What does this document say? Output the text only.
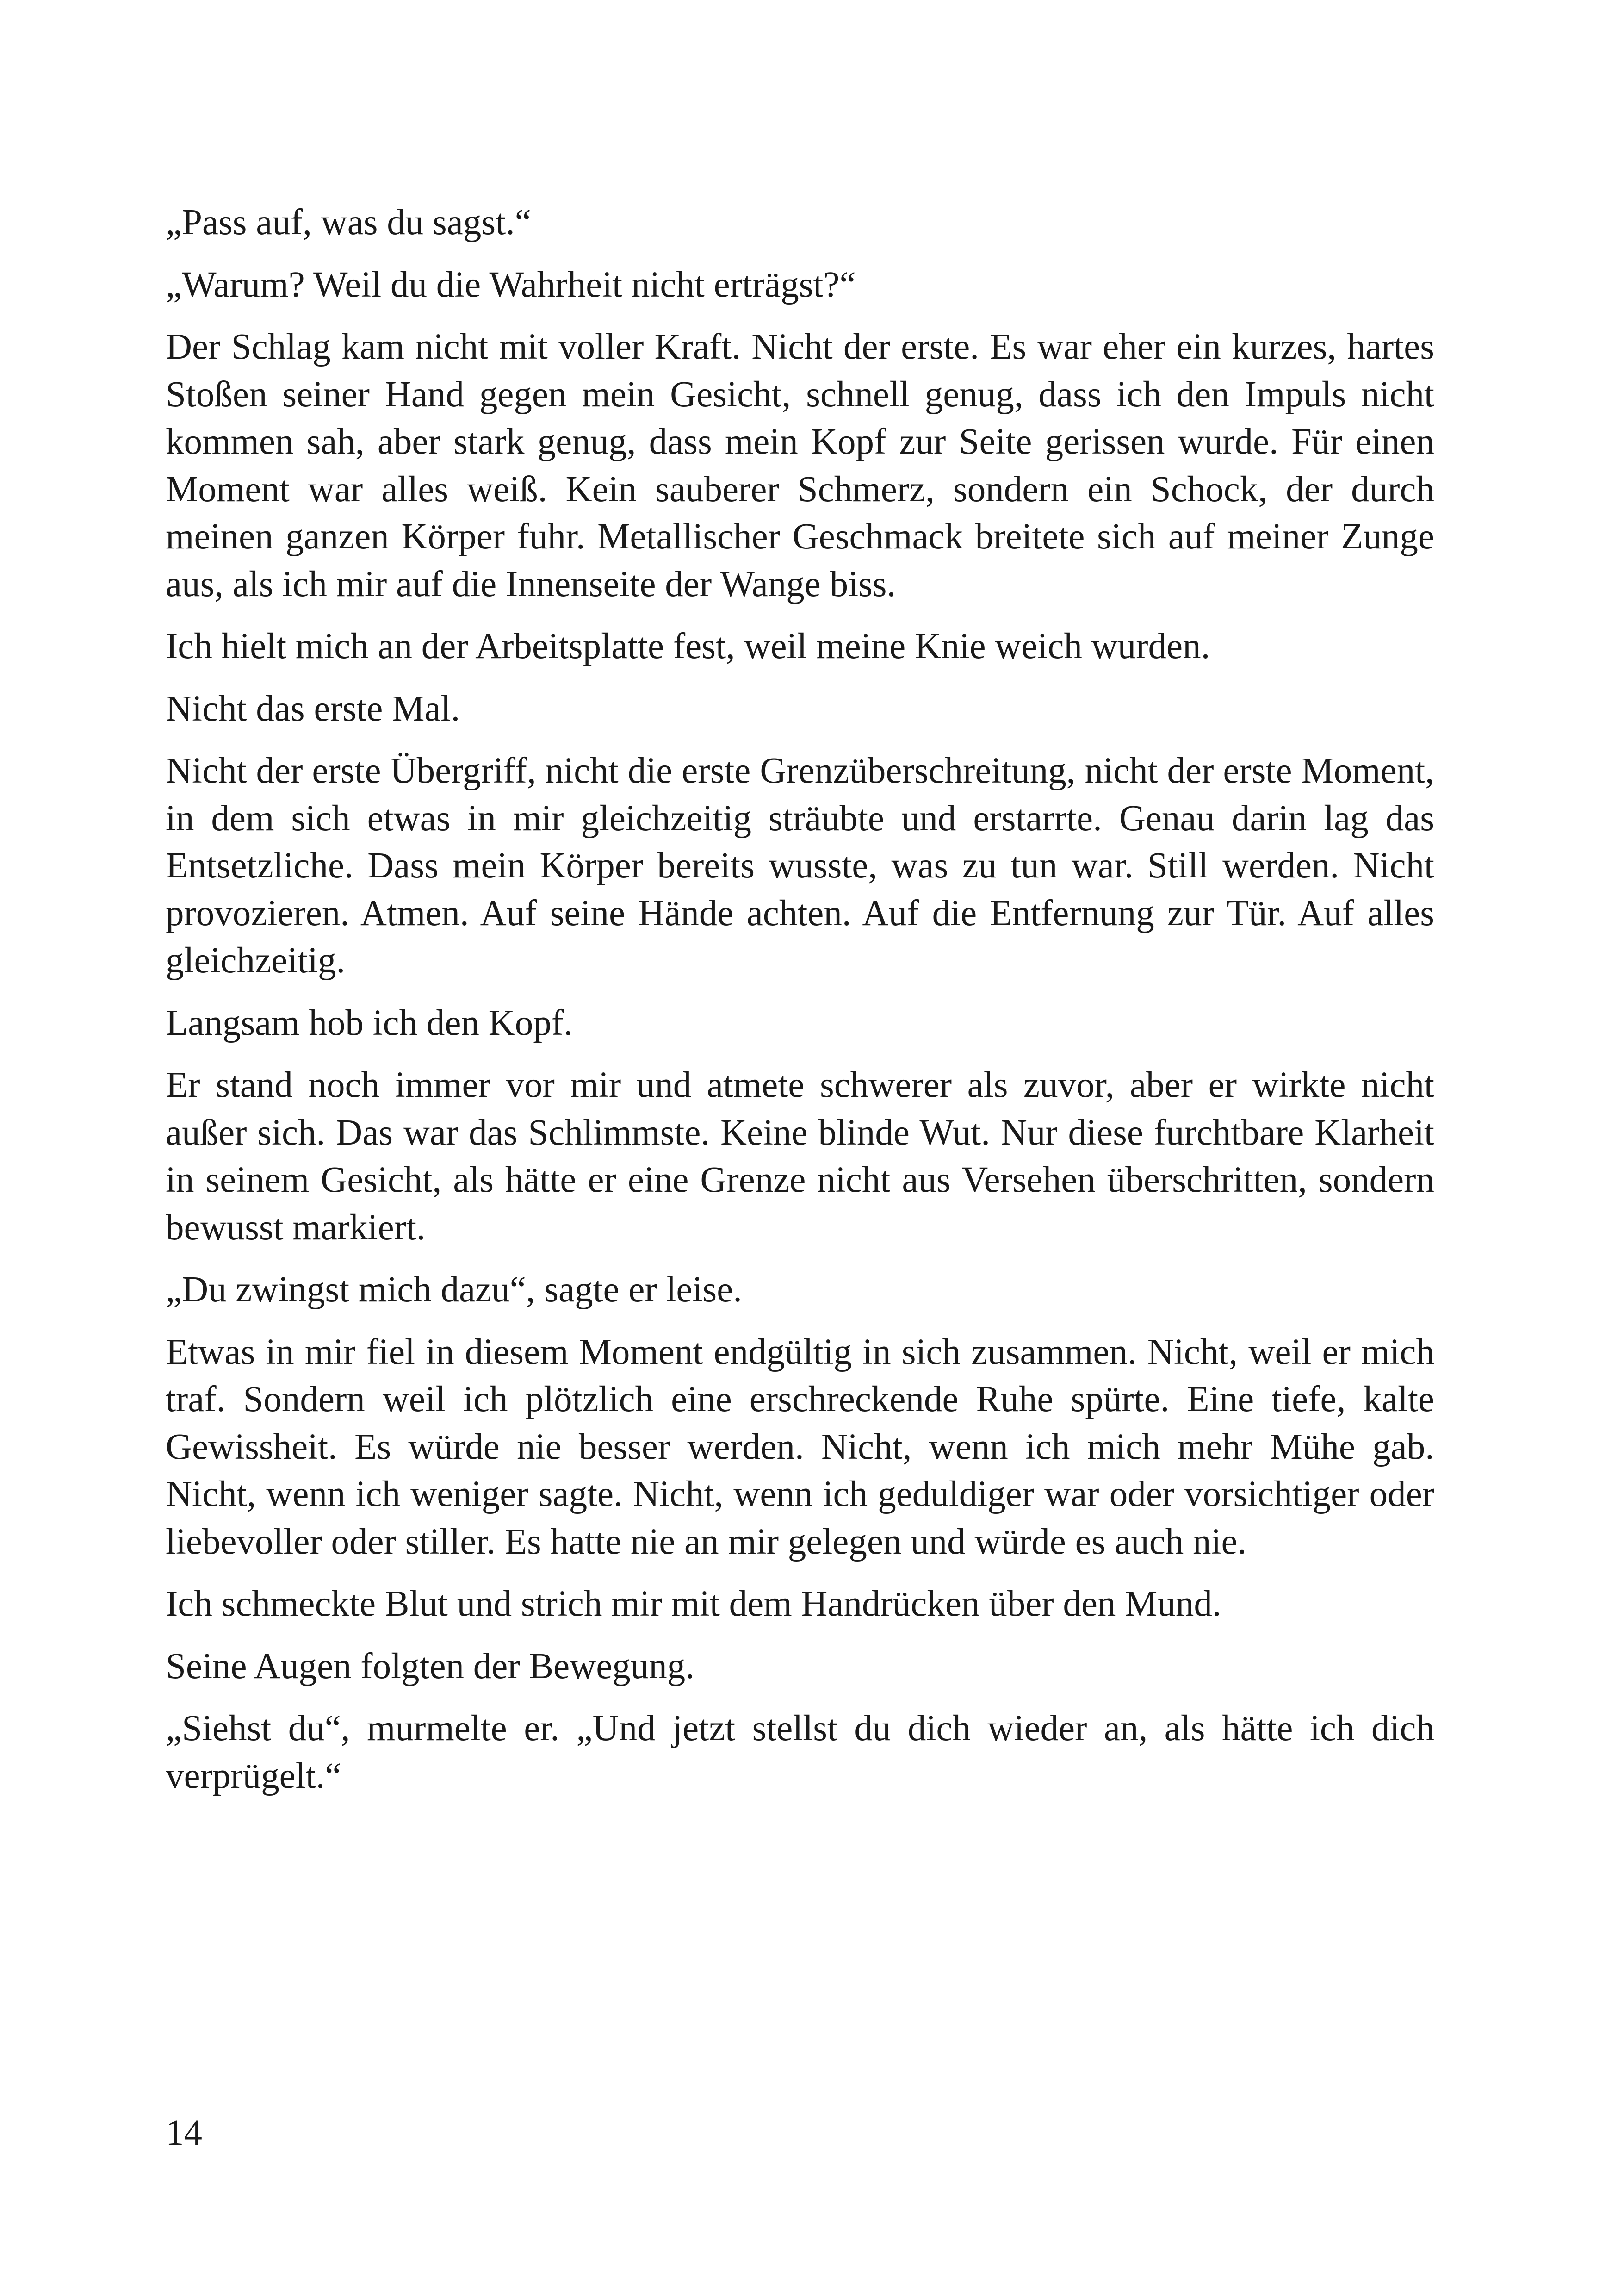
„Pass auf, was du sagst.“

„Warum? Weil du die Wahrheit nicht erträgst?“

Der Schlag kam nicht mit voller Kraft. Nicht der erste. Es war eher ein kurzes, hartes Stoßen seiner Hand gegen mein Gesicht, schnell genug, dass ich den Impuls nicht kommen sah, aber stark genug, dass mein Kopf zur Seite gerissen wurde. Für einen Moment war alles weiß. Kein sauberer Schmerz, sondern ein Schock, der durch meinen ganzen Körper fuhr. Metallischer Geschmack breitete sich auf meiner Zunge aus, als ich mir auf die Innenseite der Wange biss.

Ich hielt mich an der Arbeitsplatte fest, weil meine Knie weich wurden.

Nicht das erste Mal.

Nicht der erste Übergriff, nicht die erste Grenzüberschreitung, nicht der erste Moment, in dem sich etwas in mir gleichzeitig sträubte und erstarrte. Genau darin lag das Entsetzliche. Dass mein Körper bereits wusste, was zu tun war. Still werden. Nicht provozieren. Atmen. Auf seine Hände achten. Auf die Entfernung zur Tür. Auf alles gleichzeitig.

Langsam hob ich den Kopf.

Er stand noch immer vor mir und atmete schwerer als zuvor, aber er wirkte nicht außer sich. Das war das Schlimmste. Keine blinde Wut. Nur diese furchtbare Klarheit in seinem Gesicht, als hätte er eine Grenze nicht aus Versehen überschritten, sondern bewusst markiert.

„Du zwingst mich dazu“, sagte er leise.

Etwas in mir fiel in diesem Moment endgültig in sich zusammen. Nicht, weil er mich traf. Sondern weil ich plötzlich eine erschreckende Ruhe spürte. Eine tiefe, kalte Gewissheit. Es würde nie besser werden. Nicht, wenn ich mich mehr Mühe gab. Nicht, wenn ich weniger sagte. Nicht, wenn ich geduldiger war oder vorsichtiger oder liebevoller oder stiller. Es hatte nie an mir gelegen und würde es auch nie.

Ich schmeckte Blut und strich mir mit dem Handrücken über den Mund.

Seine Augen folgten der Bewegung.

„Siehst du“, murmelte er. „Und jetzt stellst du dich wieder an, als hätte ich dich verprügelt.“

14
